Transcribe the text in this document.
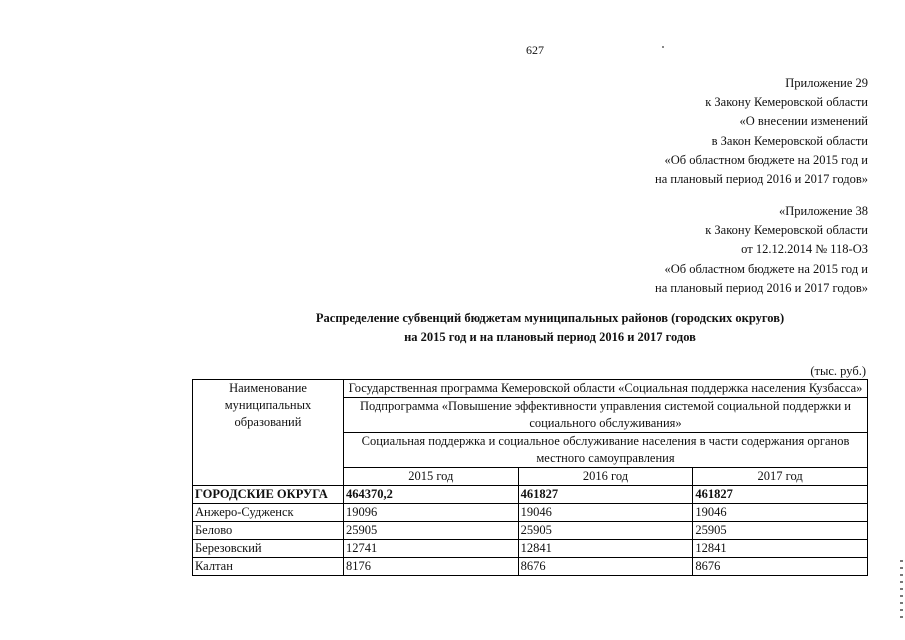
627
Приложение 29
к Закону Кемеровской области
«О внесении изменений
в Закон Кемеровской области
«Об областном бюджете на 2015 год и
на плановый период 2016 и 2017 годов»
«Приложение 38
к Закону Кемеровской области
от 12.12.2014 № 118-ОЗ
«Об областном бюджете на 2015 год и
на плановый период 2016 и 2017 годов»
Распределение субвенций бюджетам муниципальных районов (городских округов)
на 2015 год и на плановый период 2016 и 2017 годов
(тыс. руб.)
Наименование муниципальных образований	Государственная программа Кемеровской области «Социальная поддержка населения Кузбасса»		
	Подпрограмма «Повышение эффективности управления системой социальной поддержки и социального обслуживания»		
	Социальная поддержка и социальное обслуживание населения в части содержания органов местного самоуправления		
	2015 год	2016 год	2017 год
ГОРОДСКИЕ ОКРУГА	464370,2	461827	461827
Анжеро-Судженск	19096	19046	19046
Белово	25905	25905	25905
Березовский	12741	12841	12841
Калтан	8176	8676	8676
